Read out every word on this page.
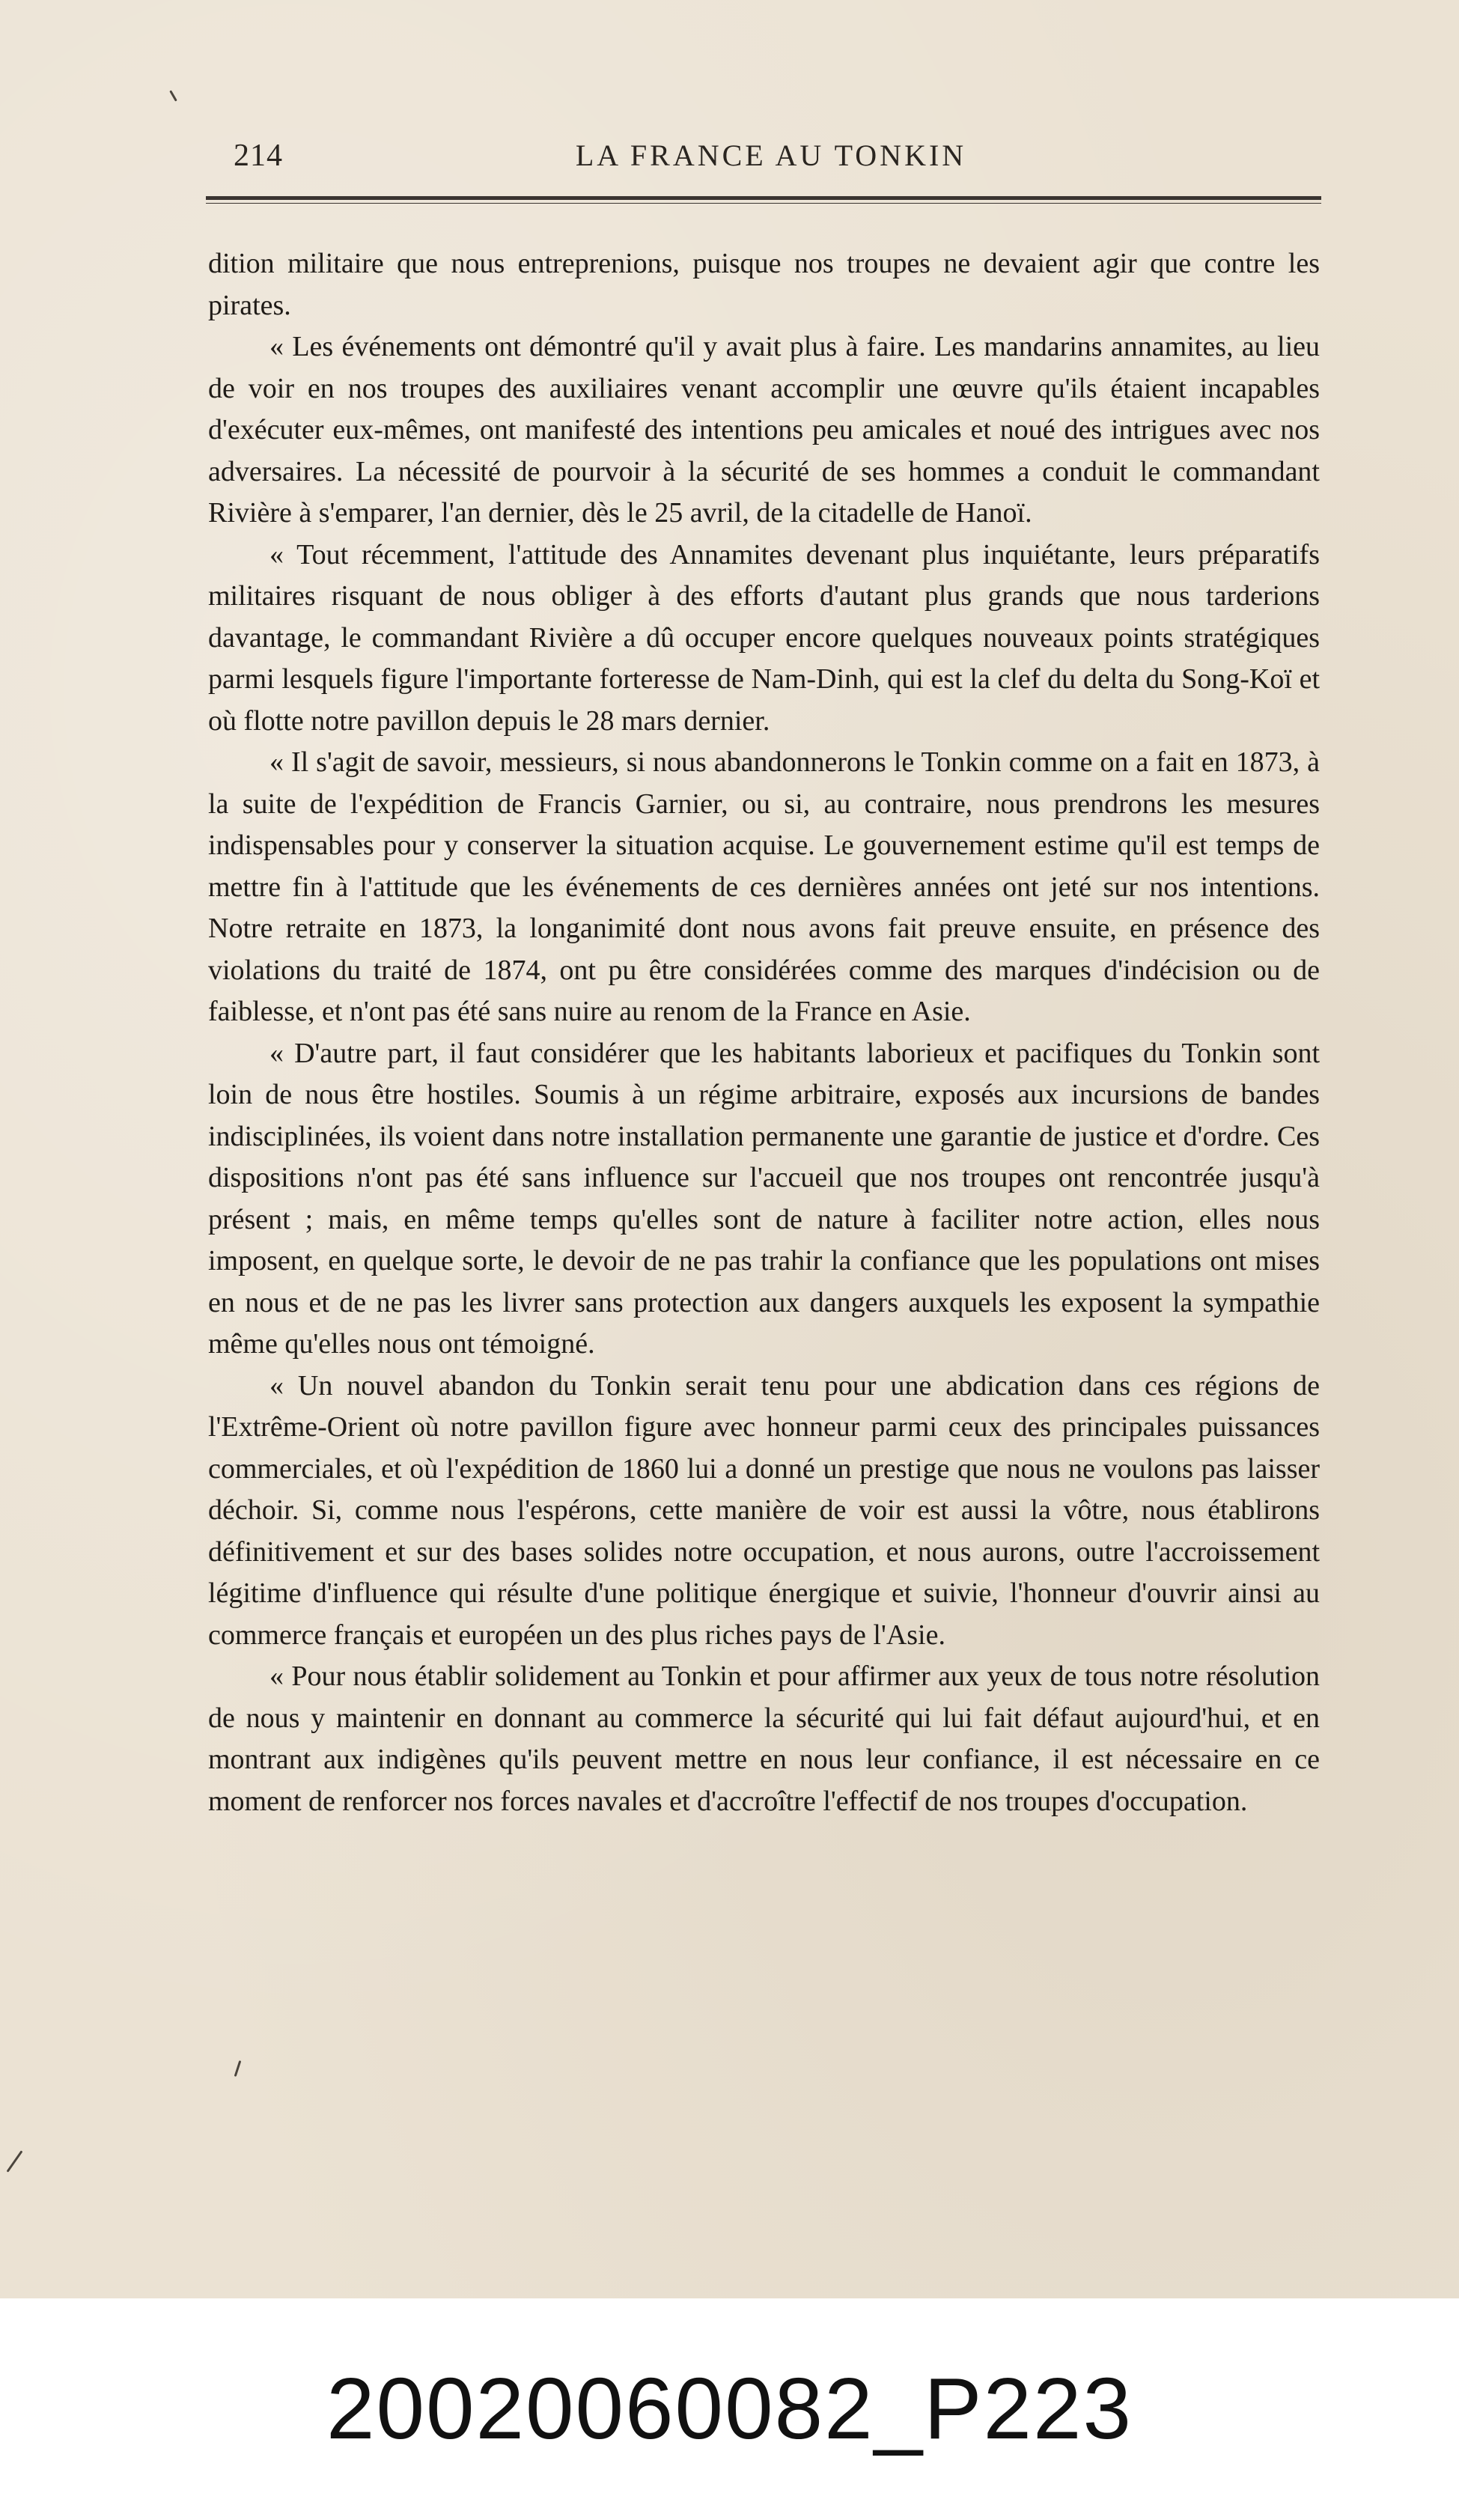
214	LA FRANCE AU TONKIN

dition militaire que nous entreprenions, puisque nos troupes ne devaient agir que contre les pirates.

« Les événements ont démontré qu'il y avait plus à faire. Les mandarins annamites, au lieu de voir en nos troupes des auxiliaires venant accomplir une œuvre qu'ils étaient incapables d'exécuter eux-mêmes, ont manifesté des intentions peu amicales et noué des intrigues avec nos adversaires. La nécessité de pourvoir à la sécurité de ses hommes a conduit le commandant Rivière à s'emparer, l'an dernier, dès le 25 avril, de la citadelle de Hanoï.

« Tout récemment, l'attitude des Annamites devenant plus inquiétante, leurs préparatifs militaires risquant de nous obliger à des efforts d'autant plus grands que nous tarderions davantage, le commandant Rivière a dû occuper encore quelques nouveaux points stratégiques parmi lesquels figure l'importante forteresse de Nam-Dinh, qui est la clef du delta du Song-Koï et où flotte notre pavillon depuis le 28 mars dernier.

« Il s'agit de savoir, messieurs, si nous abandonnerons le Tonkin comme on a fait en 1873, à la suite de l'expédition de Francis Garnier, ou si, au contraire, nous prendrons les mesures indispensables pour y conserver la situation acquise. Le gouvernement estime qu'il est temps de mettre fin à l'attitude que les événements de ces dernières années ont jeté sur nos intentions. Notre retraite en 1873, la longanimité dont nous avons fait preuve ensuite, en présence des violations du traité de 1874, ont pu être considérées comme des marques d'indécision ou de faiblesse, et n'ont pas été sans nuire au renom de la France en Asie.

« D'autre part, il faut considérer que les habitants laborieux et pacifiques du Tonkin sont loin de nous être hostiles. Soumis à un régime arbitraire, exposés aux incursions de bandes indisciplinées, ils voient dans notre installation permanente une garantie de justice et d'ordre. Ces dispositions n'ont pas été sans influence sur l'accueil que nos troupes ont rencontrée jusqu'à présent ; mais, en même temps qu'elles sont de nature à faciliter notre action, elles nous imposent, en quelque sorte, le devoir de ne pas trahir la confiance que les populations ont mises en nous et de ne pas les livrer sans protection aux dangers auxquels les exposent la sympathie même qu'elles nous ont témoigné.

« Un nouvel abandon du Tonkin serait tenu pour une abdication dans ces régions de l'Extrême-Orient où notre pavillon figure avec honneur parmi ceux des principales puissances commerciales, et où l'expédition de 1860 lui a donné un prestige que nous ne voulons pas laisser déchoir. Si, comme nous l'espérons, cette manière de voir est aussi la vôtre, nous établirons définitivement et sur des bases solides notre occupation, et nous aurons, outre l'accroissement légitime d'influence qui résulte d'une politique énergique et suivie, l'honneur d'ouvrir ainsi au commerce français et européen un des plus riches pays de l'Asie.

« Pour nous établir solidement au Tonkin et pour affirmer aux yeux de tous notre résolution de nous y maintenir en donnant au commerce la sécurité qui lui fait défaut aujourd'hui, et en montrant aux indigènes qu'ils peuvent mettre en nous leur confiance, il est nécessaire en ce moment de renforcer nos forces navales et d'accroître l'effectif de nos troupes d'occupation.

20020060082_P223
